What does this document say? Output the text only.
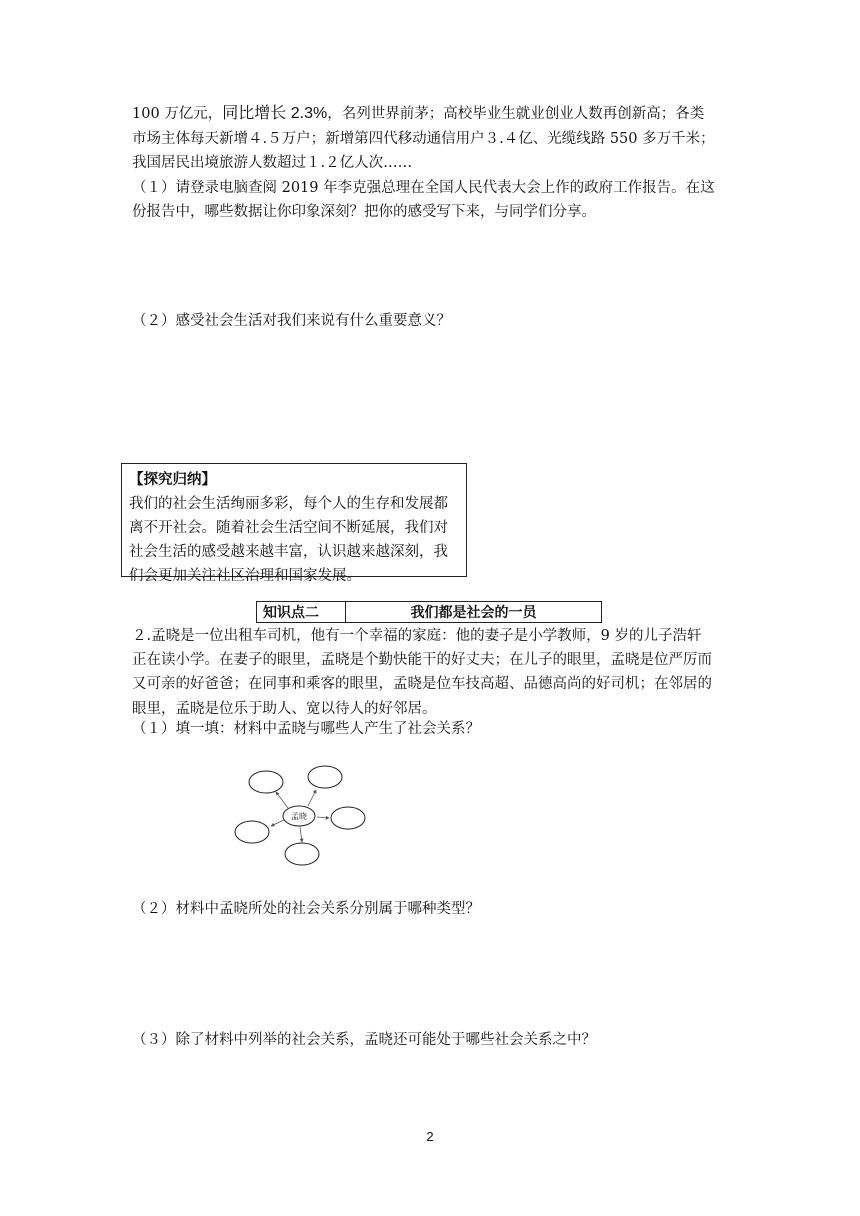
100 万亿元，同比增长 2.3%，名列世界前茅；高校毕业生就业创业人数再创新高；各类
市场主体每天新增４.５万户；新增第四代移动通信用户３.４亿、光缆线路 550 多万千米；
我国居民出境旅游人数超过１.２亿人次……
（１）请登录电脑查阅 2019 年李克强总理在全国人民代表大会上作的政府工作报告。在这
份报告中，哪些数据让你印象深刻？把你的感受写下来，与同学们分享。
（２）感受社会生活对我们来说有什么重要意义？
【探究归纳】
我们的社会生活绚丽多彩，每个人的生存和发展都
离不开社会。随着社会生活空间不断延展，我们对
社会生活的感受越来越丰富，认识越来越深刻，我
们会更加关注社区治理和国家发展。
知识点二	我们都是社会的一员
２.孟晓是一位出租车司机，他有一个幸福的家庭：他的妻子是小学教师，9 岁的儿子浩轩
正在读小学。在妻子的眼里，孟晓是个勤快能干的好丈夫；在儿子的眼里，孟晓是位严厉而
又可亲的好爸爸；在同事和乘客的眼里，孟晓是位车技高超、品德高尚的好司机；在邻居的
眼里，孟晓是位乐于助人、宽以待人的好邻居。
（１）填一填：材料中孟晓与哪些人产生了社会关系？
孟晓
（２）材料中孟晓所处的社会关系分别属于哪种类型？
（３）除了材料中列举的社会关系，孟晓还可能处于哪些社会关系之中？
2
